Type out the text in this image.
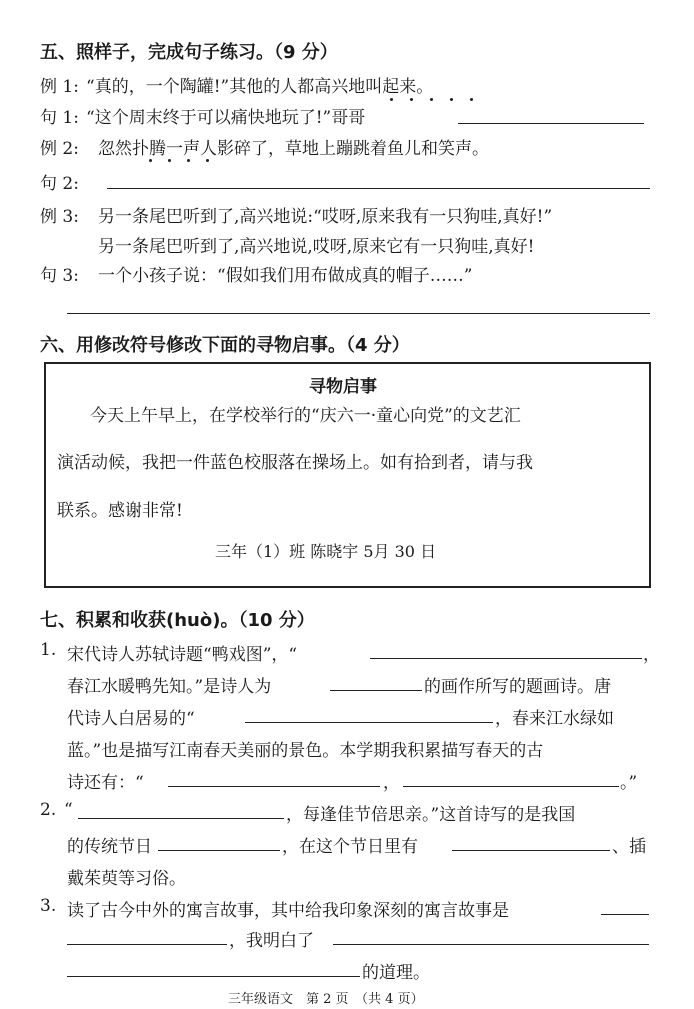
五、照样子，完成句子练习。（9 分）
例 1: “真的，一个陶罐!”其他的人都高兴地叫起来。
句 1: “这个周末终于可以痛快地玩了!”哥哥
例 2: 忽然扑腾一声人影碎了，草地上蹦跳着鱼儿和笑声。
句 2:
例 3: 另一条尾巴听到了,高兴地说:“哎呀,原来我有一只狗哇,真好!”
另一条尾巴听到了,高兴地说,哎呀,原来它有一只狗哇,真好!
句 3: 一个小孩子说：“假如我们用布做成真的帽子……”
六、用修改符号修改下面的寻物启事。（4 分）
寻物启事
今天上午早上，在学校举行的“庆六一·童心向党”的文艺汇
演活动候，我把一件蓝色校服落在操场上。如有拾到者，请与我
联系。感谢非常!
三年（1）班 陈晓宇 5月 30 日
七、积累和收获(huò)。（10 分）
1. 宋代诗人苏轼诗题“鸭戏图”，“	，
春江水暖鸭先知。”是诗人为	的画作所写的题画诗。唐
代诗人白居易的“	，春来江水绿如
蓝。”也是描写江南春天美丽的景色。本学期我积累描写春天的古
诗还有：“	，	。”
2. “	，每逢佳节倍思亲。”这首诗写的是我国
的传统节日	，在这个节日里有	、插
戴茱萸等习俗。
3. 读了古今中外的寓言故事，其中给我印象深刻的寓言故事是
，我明白了
的道理。
三年级语文　第 2 页　（共 4 页）
